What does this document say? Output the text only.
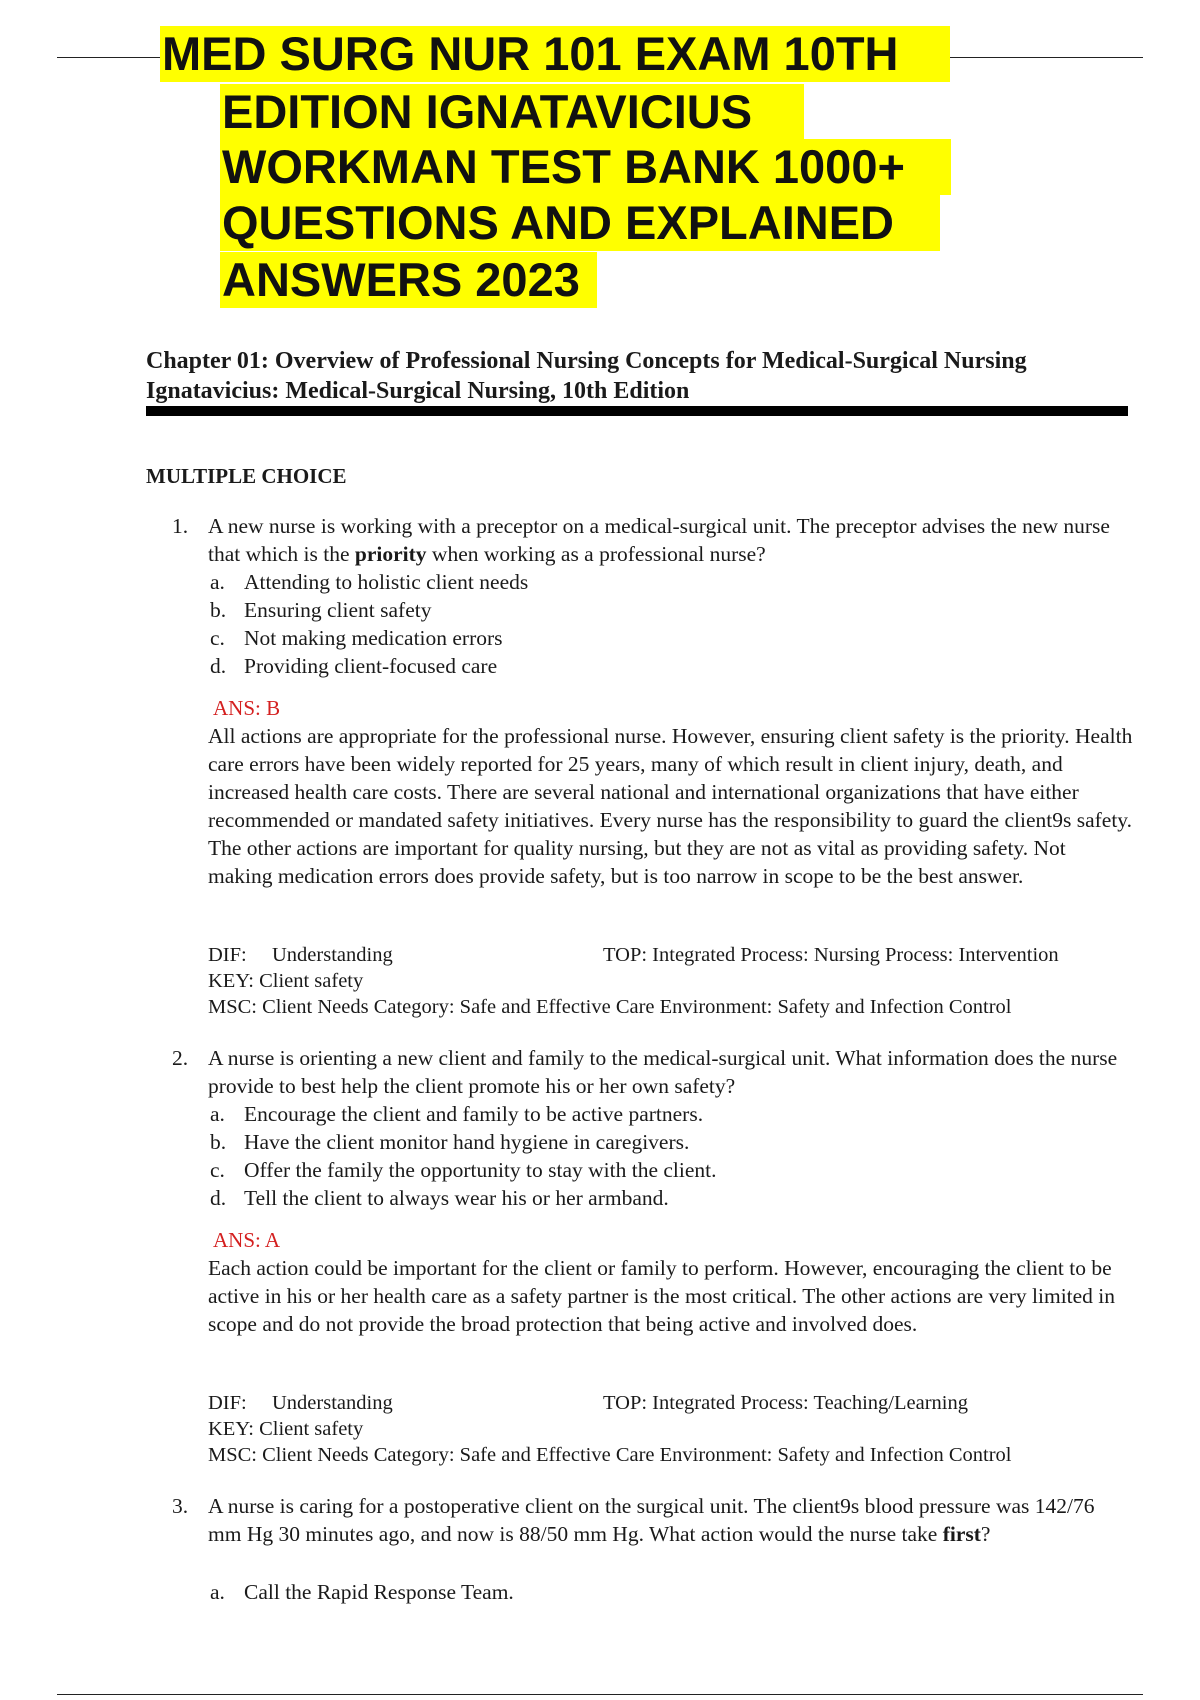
MED SURG NUR 101 EXAM 10TH
EDITION IGNATAVICIUS
WORKMAN TEST BANK 1000+
QUESTIONS AND EXPLAINED
ANSWERS 2023
Chapter 01: Overview of Professional Nursing Concepts for Medical-Surgical Nursing
Ignatavicius: Medical-Surgical Nursing, 10th Edition
MULTIPLE CHOICE
1. A new nurse is working with a preceptor on a medical-surgical unit. The preceptor advises the new nurse that which is the priority when working as a professional nurse?
a. Attending to holistic client needs
b. Ensuring client safety
c. Not making medication errors
d. Providing client-focused care
ANS: B
All actions are appropriate for the professional nurse. However, ensuring client safety is the priority. Health care errors have been widely reported for 25 years, many of which result in client injury, death, and increased health care costs. There are several national and international organizations that have either recommended or mandated safety initiatives. Every nurse has the responsibility to guard the client9s safety. The other actions are important for quality nursing, but they are not as vital as providing safety. Not making medication errors does provide safety, but is too narrow in scope to be the best answer.
DIF: Understanding	TOP: Integrated Process: Nursing Process: Intervention
KEY: Client safety
MSC: Client Needs Category: Safe and Effective Care Environment: Safety and Infection Control
2. A nurse is orienting a new client and family to the medical-surgical unit. What information does the nurse provide to best help the client promote his or her own safety?
a. Encourage the client and family to be active partners.
b. Have the client monitor hand hygiene in caregivers.
c. Offer the family the opportunity to stay with the client.
d. Tell the client to always wear his or her armband.
ANS: A
Each action could be important for the client or family to perform. However, encouraging the client to be active in his or her health care as a safety partner is the most critical. The other actions are very limited in scope and do not provide the broad protection that being active and involved does.
DIF: Understanding	TOP: Integrated Process: Teaching/Learning
KEY: Client safety
MSC: Client Needs Category: Safe and Effective Care Environment: Safety and Infection Control
3. A nurse is caring for a postoperative client on the surgical unit. The client9s blood pressure was 142/76 mm Hg 30 minutes ago, and now is 88/50 mm Hg. What action would the nurse take first?
a. Call the Rapid Response Team.
